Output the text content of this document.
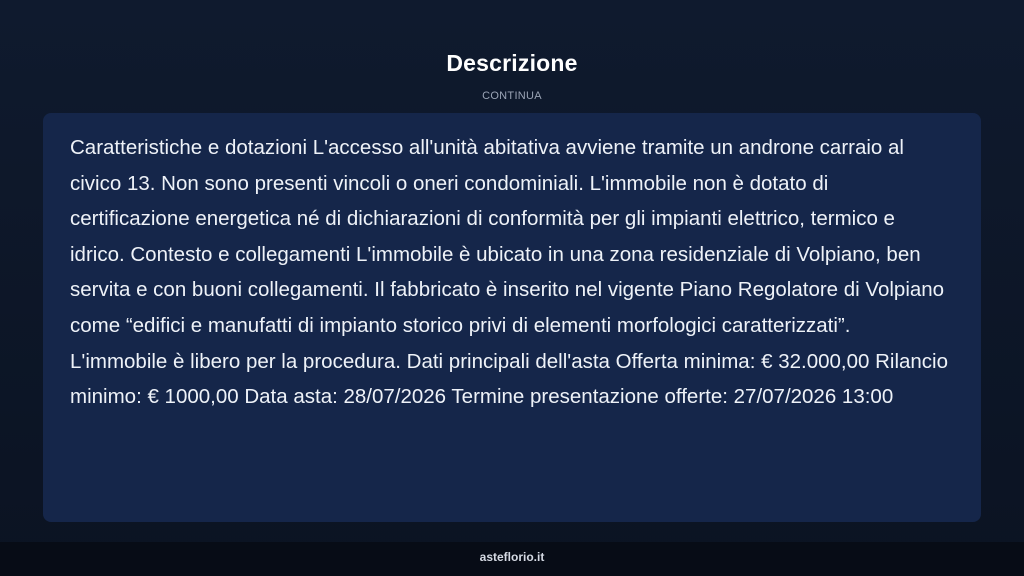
Descrizione
CONTINUA

Caratteristiche e dotazioni L'accesso all'unità abitativa avviene tramite un androne carraio al civico 13. Non sono presenti vincoli o oneri condominiali. L'immobile non è dotato di certificazione energetica né di dichiarazioni di conformità per gli impianti elettrico, termico e idrico. Contesto e collegamenti L'immobile è ubicato in una zona residenziale di Volpiano, ben servita e con buoni collegamenti. Il fabbricato è inserito nel vigente Piano Regolatore di Volpiano come “edifici e manufatti di impianto storico privi di elementi morfologici caratterizzati”. L'immobile è libero per la procedura. Dati principali dell'asta Offerta minima: € 32.000,00 Rilancio minimo: € 1000,00 Data asta: 28/07/2026 Termine presentazione offerte: 27/07/2026 13:00

asteflorio.it
